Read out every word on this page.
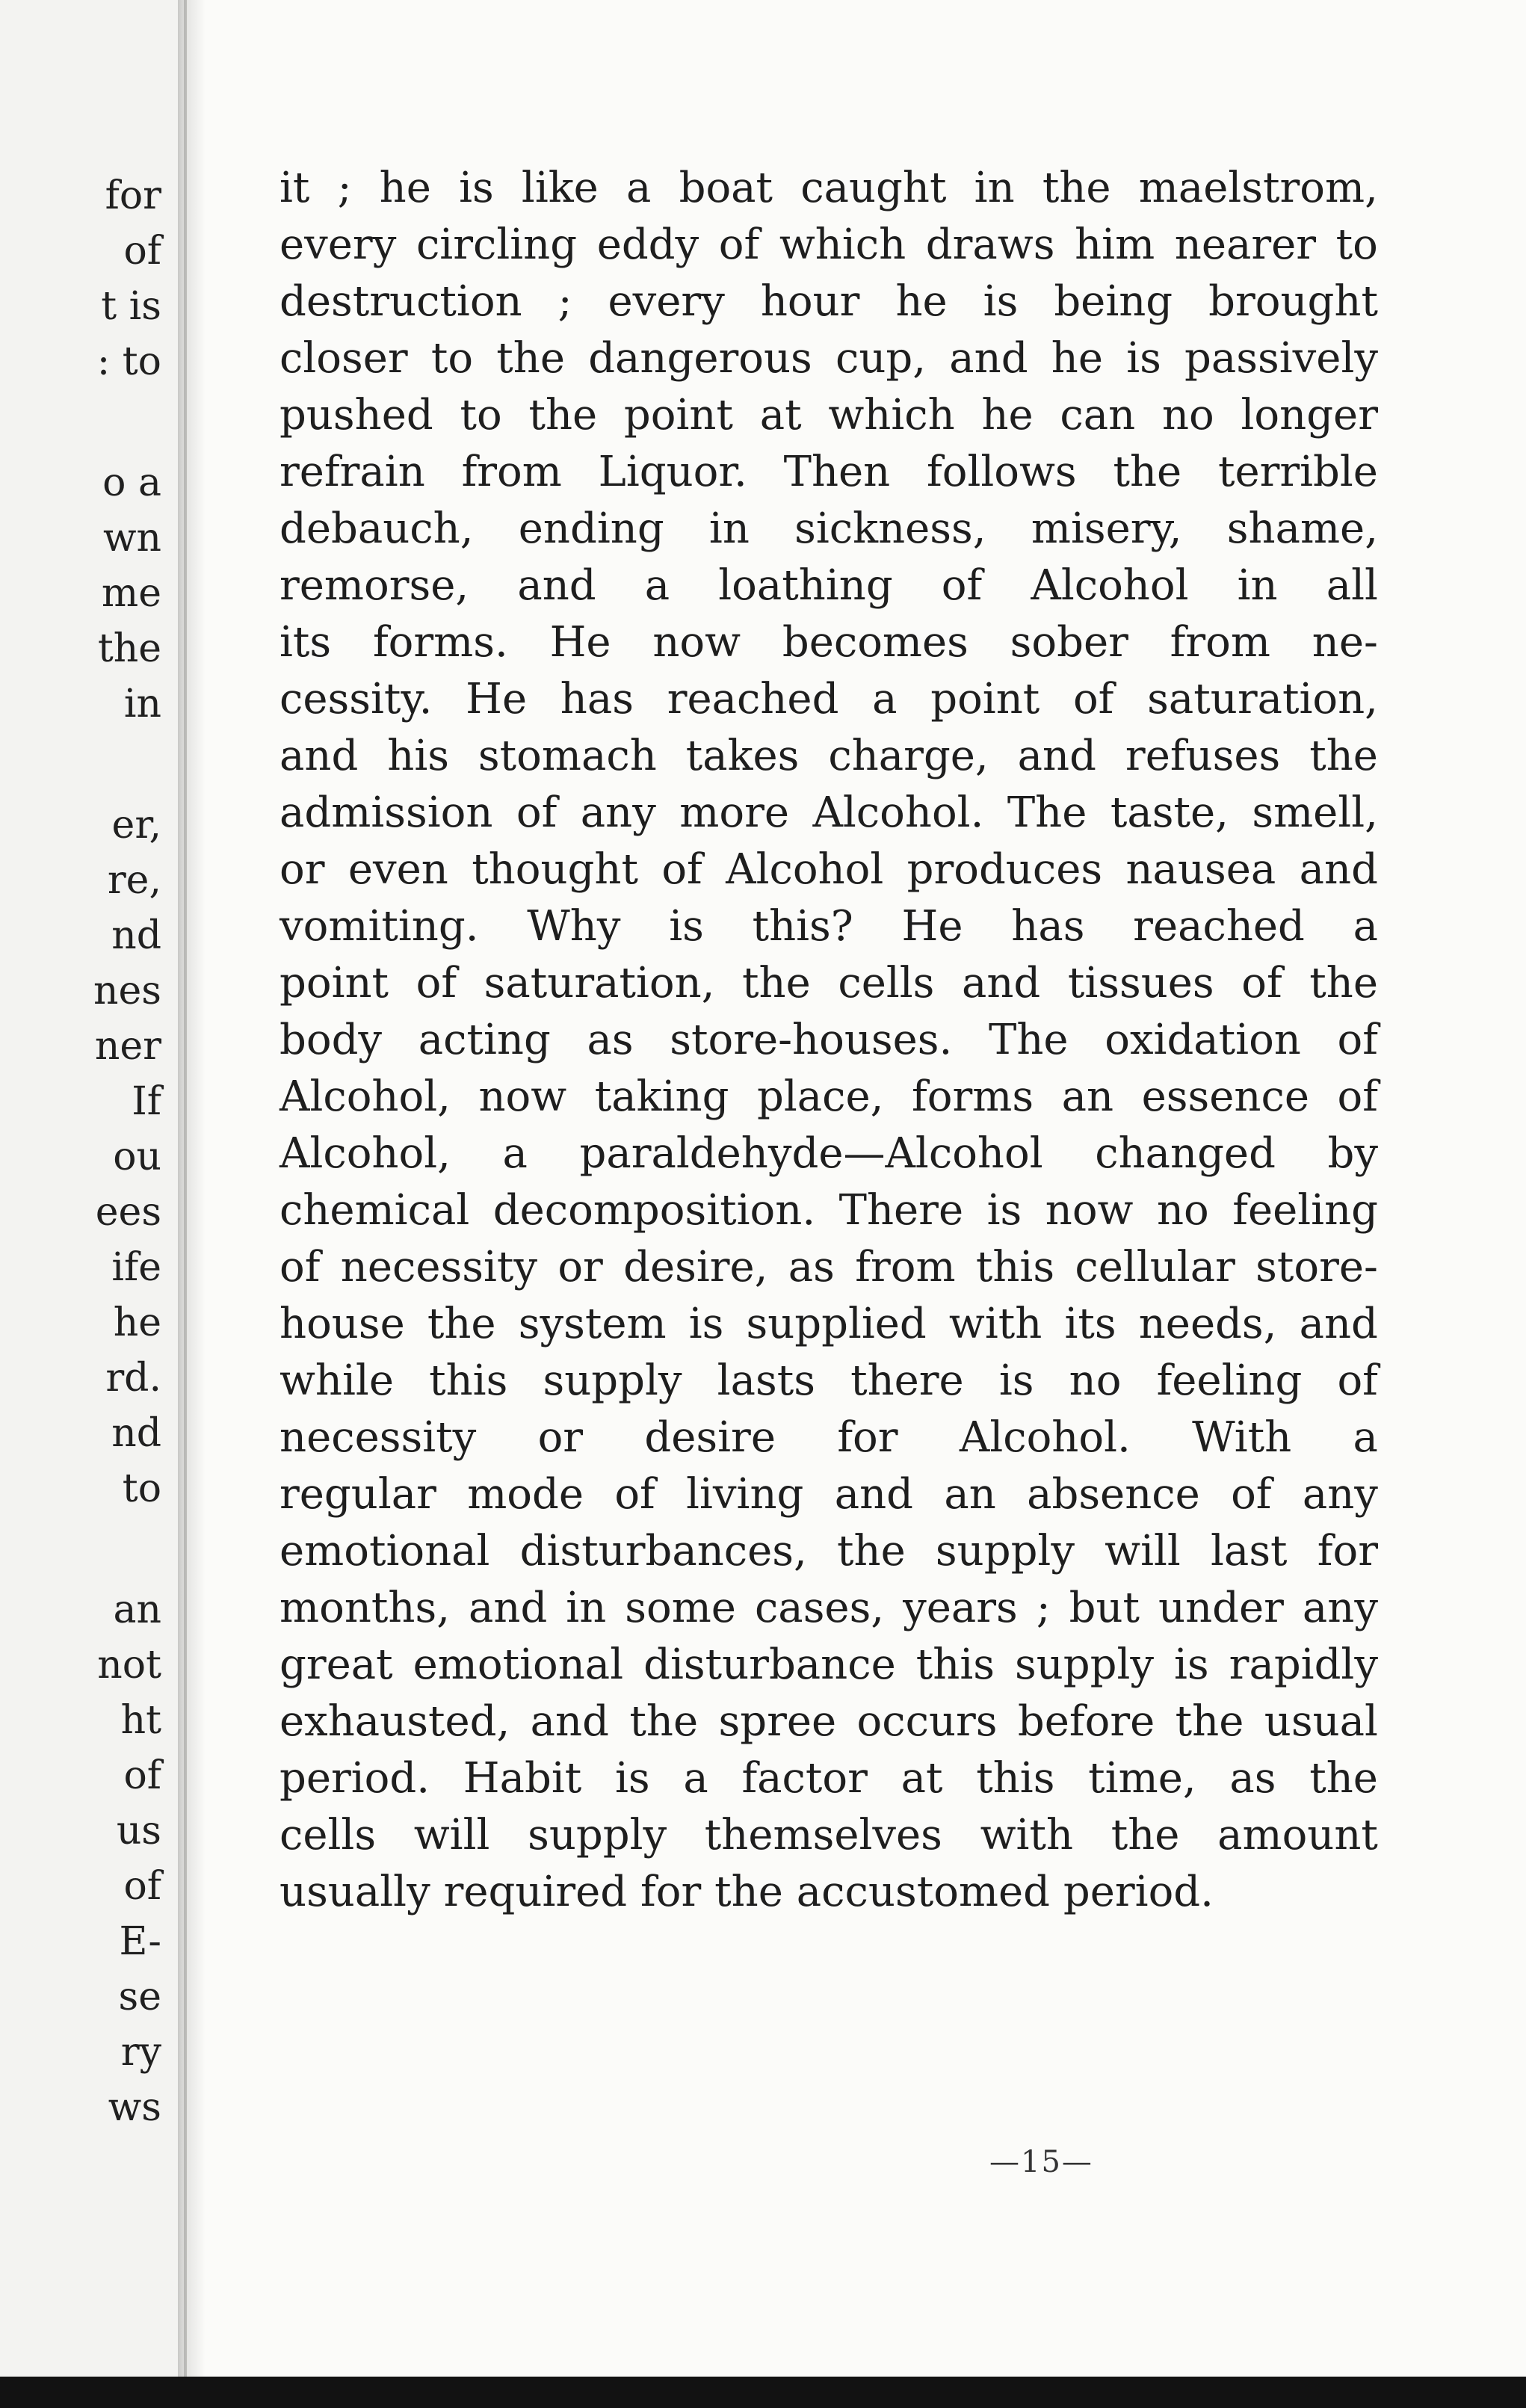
for
of
t is
: to
o a
wn
me
the
in
er,
re,
nd
nes
ner
If
ou
ees
ife
he
rd.
nd
to
an
not
ht
of
us
of
E-
se
ry
ws
it ; he is like a boat caught in the maelstrom,
every circling eddy of which draws him nearer to
destruction ; every hour he is being brought
closer to the dangerous cup, and he is passively
pushed to the point at which he can no longer
refrain from Liquor. Then follows the terrible
debauch, ending in sickness, misery, shame,
remorse, and a loathing of Alcohol in all
its forms. He now becomes sober from ne-
cessity. He has reached a point of saturation,
and his stomach takes charge, and refuses the
admission of any more Alcohol. The taste, smell,
or even thought of Alcohol produces nausea and
vomiting. Why is this? He has reached a
point of saturation, the cells and tissues of the
body acting as store-houses. The oxidation of
Alcohol, now taking place, forms an essence of
Alcohol, a paraldehyde—Alcohol changed by
chemical decomposition. There is now no feeling
of necessity or desire, as from this cellular store-
house the system is supplied with its needs, and
while this supply lasts there is no feeling of
necessity or desire for Alcohol. With a
regular mode of living and an absence of any
emotional disturbances, the supply will last for
months, and in some cases, years ; but under any
great emotional disturbance this supply is rapidly
exhausted, and the spree occurs before the usual
period. Habit is a factor at this time, as the
cells will supply themselves with the amount
usually required for the accustomed period.
—15—
